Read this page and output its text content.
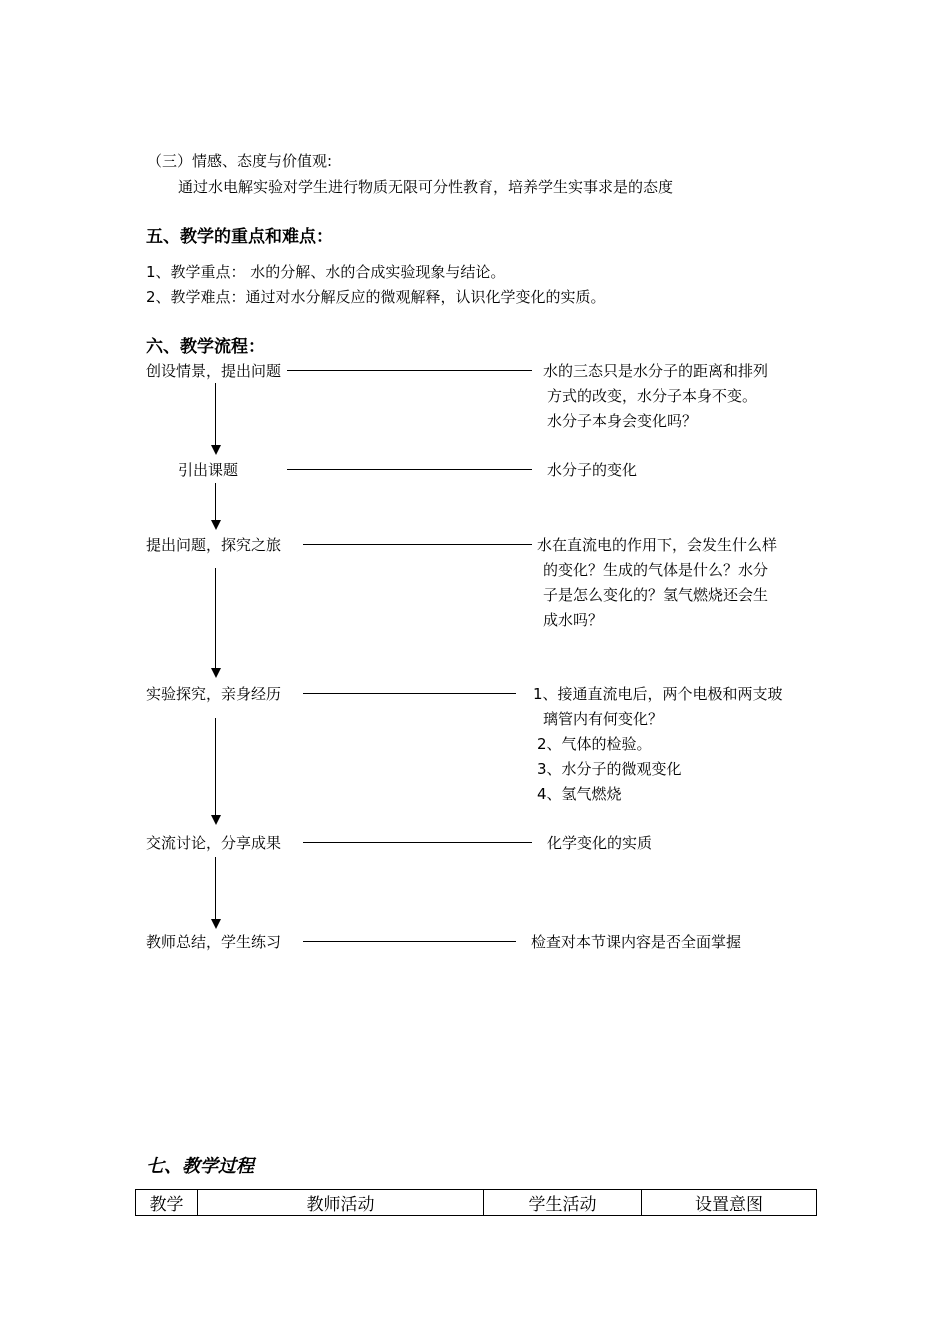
（三）情感、态度与价值观:
通过水电解实验对学生进行物质无限可分性教育，培养学生实事求是的态度
五、教学的重点和难点：
1、教学重点： 水的分解、水的合成实验现象与结论。
2、教学难点：通过对水分解反应的微观解释，认识化学变化的实质。
六、教学流程：
创设情景，提出问题	水的三态只是水分子的距离和排列
方式的改变，水分子本身不变。
水分子本身会变化吗？
引出课题	水分子的变化
提出问题，探究之旅	水在直流电的作用下，会发生什么样
的变化？生成的气体是什么？水分
子是怎么变化的？氢气燃烧还会生
成水吗？
实验探究，亲身经历	1、接通直流电后，两个电极和两支玻
璃管内有何变化？
2、气体的检验。
3、水分子的微观变化
4、氢气燃烧
交流讨论，分享成果	化学变化的实质
教师总结，学生练习	检查对本节课内容是否全面掌握
七、教学过程
教学	教师活动	学生活动	设置意图
